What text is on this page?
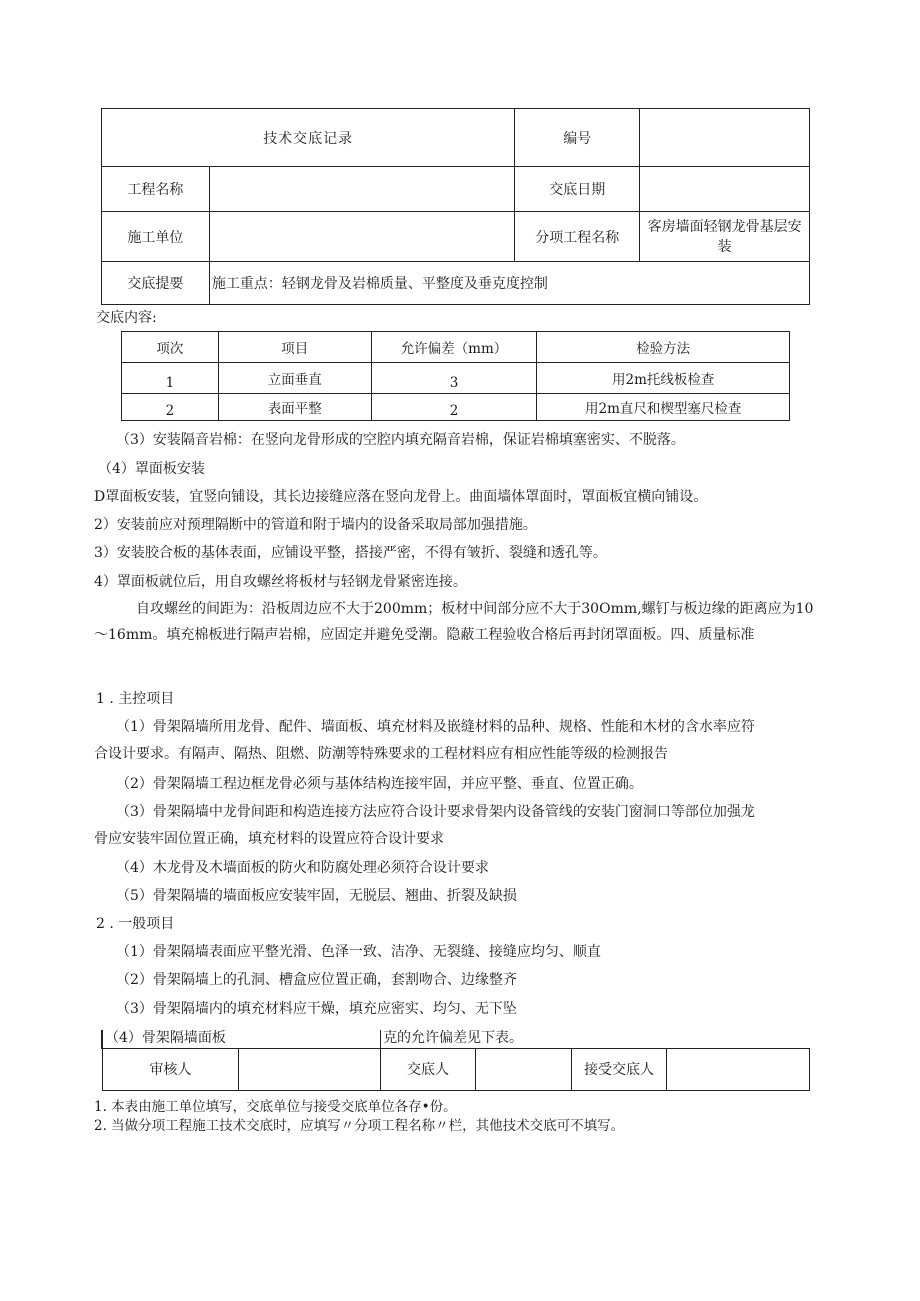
技术交底记录		编号	
工程名称		交底日期	
施工单位		分项工程名称	客房墙面轻钢龙骨基层安装
交底提要	施工重点：轻钢龙骨及岩棉质量、平整度及垂克度控制		
交底内容:
项次	项目	允许偏差（mm）	检验方法
1	立面垂直	3	用2m托线板检查
2	表面平整	2	用2m直尺和楔型塞尺检查
（3）安装隔音岩棉：在竖向龙骨形成的空腔内填充隔音岩棉，保证岩棉填塞密实、不脱落。
（4）罩面板安装
D罩面板安装，宜竖向铺设，其长边接缝应落在竖向龙骨上。曲面墙体罩面时，罩面板宜横向铺设。
2）安装前应对预理隔断中的管道和附于墙内的设备采取局部加强措施。
3）安装胶合板的基体表面，应铺设平整，搭接严密，不得有皱折、裂缝和透孔等。
4）罩面板就位后，用自攻螺丝将板材与轻钢龙骨紧密连接。
自攻螺丝的间距为：沿板周边应不大于200mm；板材中间部分应不大于30Omm,螺钉与板边缘的距离应为10～16mm。填充棉板进行隔声岩棉，应固定并避免受潮。隐蔽工程验收合格后再封闭罩面板。四、质量标准
1 . 主控项目
（1）骨架隔墙所用龙骨、配件、墙面板、填充材料及嵌缝材料的品种、规格、性能和木材的含水率应符
合设计要求。有隔声、隔热、阻燃、防潮等特殊要求的工程材料应有相应性能等级的检测报告
（2）骨架隔墙工程边框龙骨必须与基体结构连接牢固，并应平整、垂直、位置正确。
（3）骨架隔墙中龙骨间距和构造连接方法应符合设计要求骨架内设备管线的安装门窗洞口等部位加强龙
骨应安装牢固位置正确，填充材料的设置应符合设计要求
（4）木龙骨及木墙面板的防火和防腐处理必须符合设计要求
（5）骨架隔墙的墙面板应安装牢固，无脱层、翘曲、折裂及缺损
2 . 一般项目
（1）骨架隔墙表面应平整光滑、色泽一致、洁净、无裂缝、接缝应均匀、顺直
（2）骨架隔墙上的孔洞、槽盒应位置正确，套割吻合、边缘整齐
（3）骨架隔墙内的填充材料应干燥，填充应密实、均匀、无下坠
（4）骨架隔墙面板		克的允许偏差见下表。			
审核人		交底人		接受交底人	
1. 本表由施工单位填写，交底单位与接受交底单位各存•份。
2. 当做分项工程施工技术交底时，应填写〃分项工程名称〃栏，其他技术交底可不填写。
